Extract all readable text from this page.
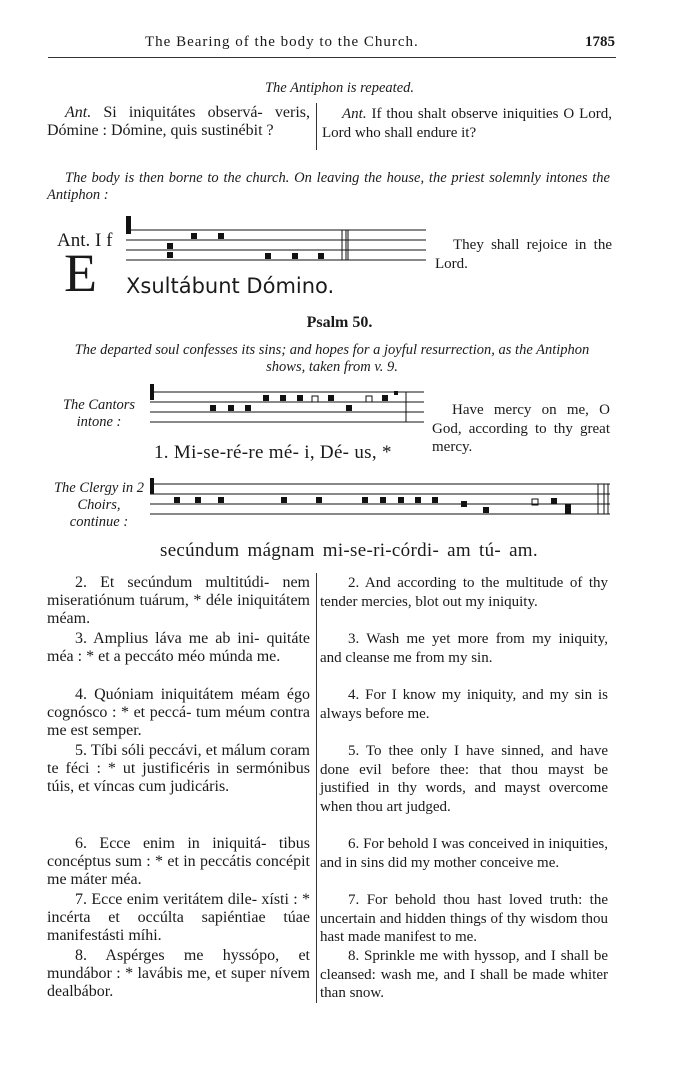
The Bearing of the body to the Church.	1785
The Antiphon is repeated.
Ant. Si iniquitátes observá- veris, Dómine : Dómine, quis sustinébit ?
Ant. If thou shalt observe iniquities O Lord, Lord who shall endure it?
The body is then borne to the church. On leaving the house, the priest solemnly intones the Antiphon :
Ant. I f
E Xsultábunt Dómino.
They shall rejoice in the Lord.
Psalm 50.
The departed soul confesses its sins; and hopes for a joyful resurrection, as the Antiphon shows, taken from v. 9.
The Cantors intone :
1. Mi-se-ré-re mé- i, Dé- us, *
Have mercy on me, O God, according to thy great mercy.
The Clergy in 2 Choirs, continue :
secúndum mágnam mi-se-ri-córdi- am tú- am.

2. Et secúndum multitúdi- nem miseratiónum tuárum, * déle iniquitátem méam.

2. And according to the multitude of thy tender mercies, blot out my iniquity.

3. Amplius láva me ab ini- quitáte méa : * et a peccáto méo múnda me.

3. Wash me yet more from my iniquity, and cleanse me from my sin.

4. Quóniam iniquitátem méam égo cognósco : * et peccá- tum méum contra me est semper.

4. For I know my iniquity, and my sin is always before me.

5. Tíbi sóli peccávi, et málum coram te féci : * ut justificéris in sermónibus túis, et víncas cum judicáris.

5. To thee only I have sinned, and have done evil before thee: that thou mayst be justified in thy words, and mayst overcome when thou art judged.

6. Ecce enim in iniquitá- tibus concéptus sum : * et in peccátis concépit me máter méa.

6. For behold I was conceived in iniquities, and in sins did my mother conceive me.

7. Ecce enim veritátem dile- xísti : * incérta et occúlta sapiéntiae túae manifestásti míhi.

7. For behold thou hast loved truth: the uncertain and hidden things of thy wisdom thou hast made manifest to me.

8. Aspérges me hyssópo, et mundábor : * lavábis me, et super nívem dealbábor.

8. Sprinkle me with hyssop, and I shall be cleansed: wash me, and I shall be made whiter than snow.
